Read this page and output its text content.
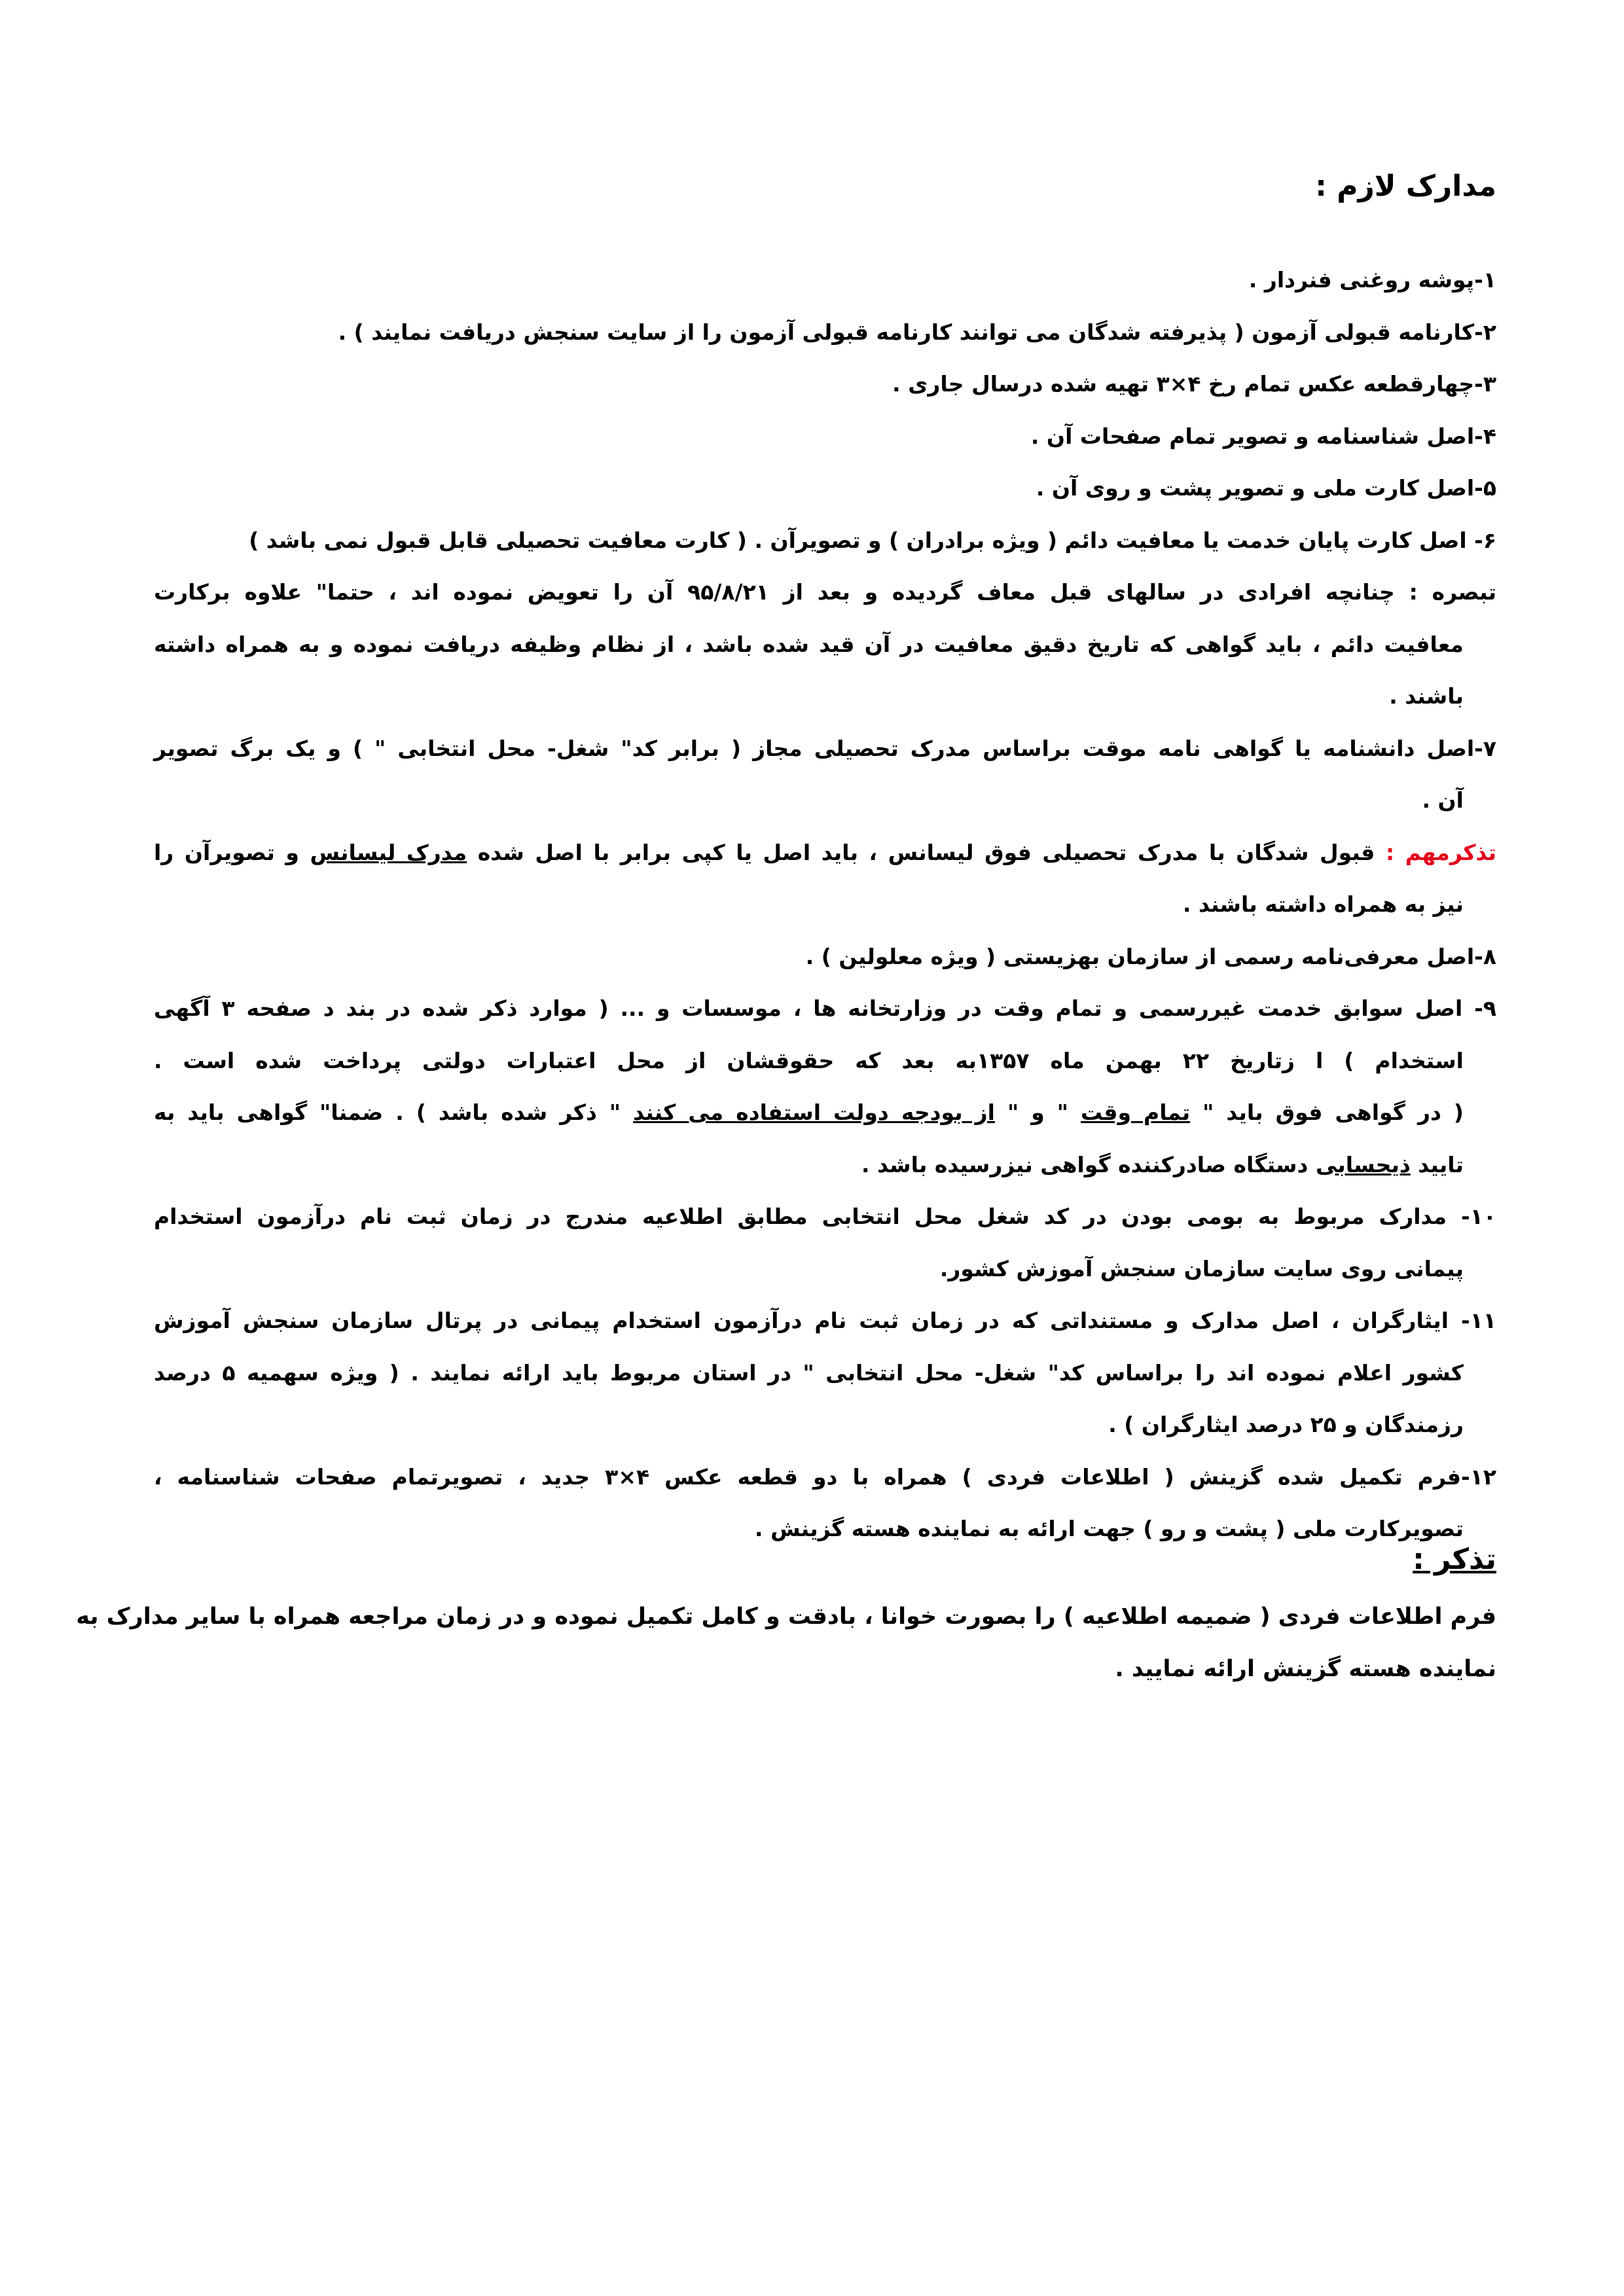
مدارک لازم :
۱-پوشه روغنی فنردار .
۲-کارنامه قبولی آزمون ( پذیرفته شدگان می توانند کارنامه قبولی آزمون را از سایت سنجش دریافت نمایند ) .
۳-چهارقطعه عکس تمام رخ ۴×۳ تهیه شده درسال جاری .
۴-اصل شناسنامه و تصویر تمام صفحات آن .
۵-اصل کارت ملی و تصویر پشت و روی آن .
۶- اصل کارت پایان خدمت یا معافیت دائم ( ویژه برادران ) و تصویرآن . ( کارت معافیت تحصیلی قابل قبول نمی باشد )
تبصره : چنانچه افرادی در سالهای قبل معاف گردیده و بعد از ۹۵/۸/۲۱ آن را تعویض نموده اند ، حتما" علاوه برکارت
معافیت دائم ، باید گواهی که تاریخ دقیق معافیت در آن قید شده باشد ، از نظام وظیفه دریافت نموده و به همراه داشته
باشند .
۷-اصل دانشنامه یا گواهی نامه موقت براساس مدرک تحصیلی مجاز ( برابر کد" شغل- محل انتخابی " ) و یک برگ تصویر
آن .
تذکرمهم : قبول شدگان با مدرک تحصیلی فوق لیسانس ، باید اصل یا کپی برابر با اصل شده مدرک لیسانس و تصویرآن را
نیز به همراه داشته باشند .
۸-اصل معرفی‌نامه رسمی از سازمان بهزیستی ( ویژه معلولین ) .
۹- اصل سوابق خدمت غیررسمی و تمام وقت در وزارتخانه ها ، موسسات و ... ( موارد ذکر شده در بند د صفحه ۳ آگهی
استخدام ) ا زتاریخ ۲۲ بهمن ماه ۱۳۵۷به بعد که حقوقشان از محل اعتبارات دولتی پرداخت شده است .
( در گواهی فوق باید " تمام وقت " و " از بودجه دولت استفاده می کنند " ذکر شده باشد ) . ضمنا" گواهی باید به
تایید ذیحسابی دستگاه صادرکننده گواهی نیزرسیده باشد .
۱۰- مدارک مربوط به بومی بودن در کد شغل محل انتخابی مطابق اطلاعیه مندرج در زمان ثبت نام درآزمون استخدام
پیمانی روی سایت سازمان سنجش آموزش کشور.
۱۱- ایثارگران ، اصل مدارک و مستنداتی که در زمان ثبت نام درآزمون استخدام پیمانی در پرتال سازمان سنجش آموزش
کشور اعلام نموده اند را براساس کد" شغل- محل انتخابی " در استان مربوط باید ارائه نمایند . ( ویژه سهمیه ۵ درصد
رزمندگان و ۲۵ درصد ایثارگران ) .
۱۲-فرم تکمیل شده گزینش ( اطلاعات فردی ) همراه با دو قطعه عکس ۴×۳ جدید ، تصویرتمام صفحات شناسنامه ،
تصویرکارت ملی ( پشت و رو ) جهت ارائه به نماینده هسته گزینش .
تذکر :
فرم اطلاعات فردی ( ضمیمه اطلاعیه ) را بصورت خوانا ، بادقت و کامل تکمیل نموده و در زمان مراجعه همراه با سایر مدارک به
نماینده هسته گزینش ارائه نمایید .
